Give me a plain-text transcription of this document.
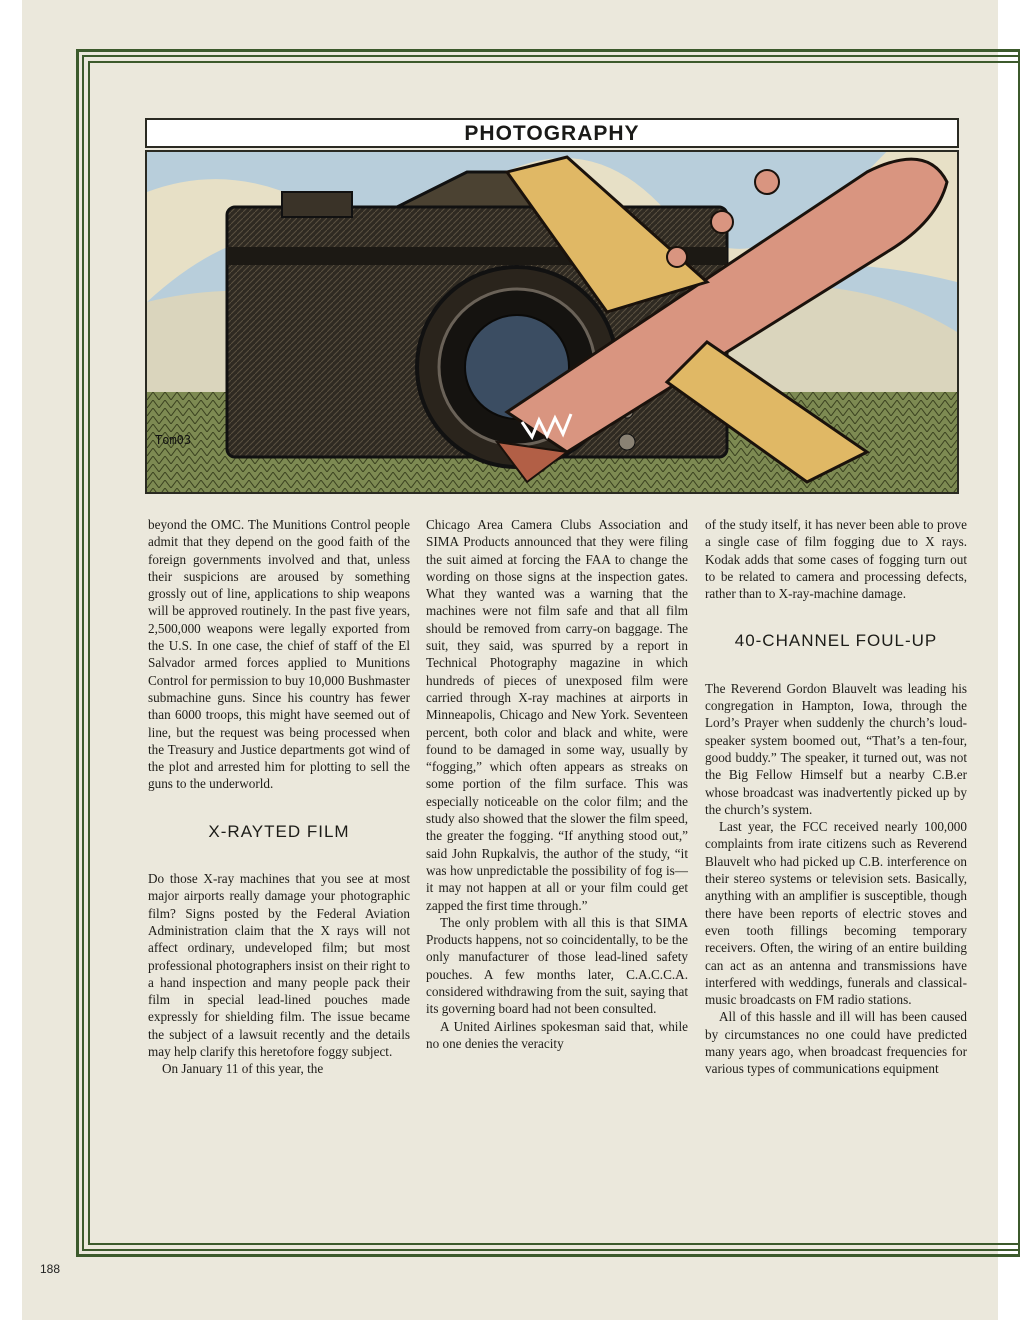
PHOTOGRAPHY
Tom03

beyond the OMC. The Munitions Control people admit that they depend on the good faith of the foreign governments involved and that, unless their suspicions are aroused by something grossly out of line, applications to ship weapons will be approved routinely. In the past five years, 2,500,000 weapons were legally exported from the U.S. In one case, the chief of staff of the El Salvador armed forces applied to Munitions Control for permission to buy 10,000 Bushmaster submachine guns. Since his country has fewer than 6000 troops, this might have seemed out of line, but the request was being processed when the Treasury and Justice departments got wind of the plot and arrested him for plotting to sell the guns to the underworld.

X-RAYTED FILM

Do those X-ray machines that you see at most major airports really damage your photographic film? Signs posted by the Federal Aviation Administration claim that the X rays will not affect ordinary, undeveloped film; but most professional photographers insist on their right to a hand inspection and many people pack their film in special lead-lined pouches made expressly for shielding film. The issue became the subject of a lawsuit recently and the details may help clarify this heretofore foggy subject.

On January 11 of this year, the

Chicago Area Camera Clubs Association and SIMA Products announced that they were filing the suit aimed at forcing the FAA to change the wording on those signs at the inspection gates. What they wanted was a warning that the machines were not film safe and that all film should be removed from carry-on baggage. The suit, they said, was spurred by a report in Technical Photography magazine in which hundreds of pieces of unexposed film were carried through X-ray machines at airports in Minneapolis, Chicago and New York. Seventeen percent, both color and black and white, were found to be damaged in some way, usually by “fogging,” which often appears as streaks on some portion of the film surface. This was especially noticeable on the color film; and the study also showed that the slower the film speed, the greater the fogging. “If anything stood out,” said John Rupkalvis, the author of the study, “it was how unpredictable the possibility of fog is—it may not happen at all or your film could get zapped the first time through.”

The only problem with all this is that SIMA Products happens, not so coincidentally, to be the only manufacturer of those lead-lined safety pouches. A few months later, C.A.C.C.A. considered withdrawing from the suit, saying that its governing board had not been consulted.

A United Airlines spokesman said that, while no one denies the veracity

of the study itself, it has never been able to prove a single case of film fogging due to X rays. Kodak adds that some cases of fogging turn out to be related to camera and processing defects, rather than to X-ray-machine damage.

40-CHANNEL FOUL-UP

The Reverend Gordon Blauvelt was leading his congregation in Hampton, Iowa, through the Lord’s Prayer when suddenly the church’s loud-speaker system boomed out, “That’s a ten-four, good buddy.” The speaker, it turned out, was not the Big Fellow Himself but a nearby C.B.er whose broadcast was inadvertently picked up by the church’s system.

Last year, the FCC received nearly 100,000 complaints from irate citizens such as Reverend Blauvelt who had picked up C.B. interference on their stereo systems or television sets. Basically, anything with an amplifier is susceptible, though there have been reports of electric stoves and even tooth fillings becoming temporary receivers. Often, the wiring of an entire building can act as an antenna and transmissions have interfered with weddings, funerals and classical-music broadcasts on FM radio stations.

All of this hassle and ill will has been caused by circumstances no one could have predicted many years ago, when broadcast frequencies for various types of communications equipment

188
